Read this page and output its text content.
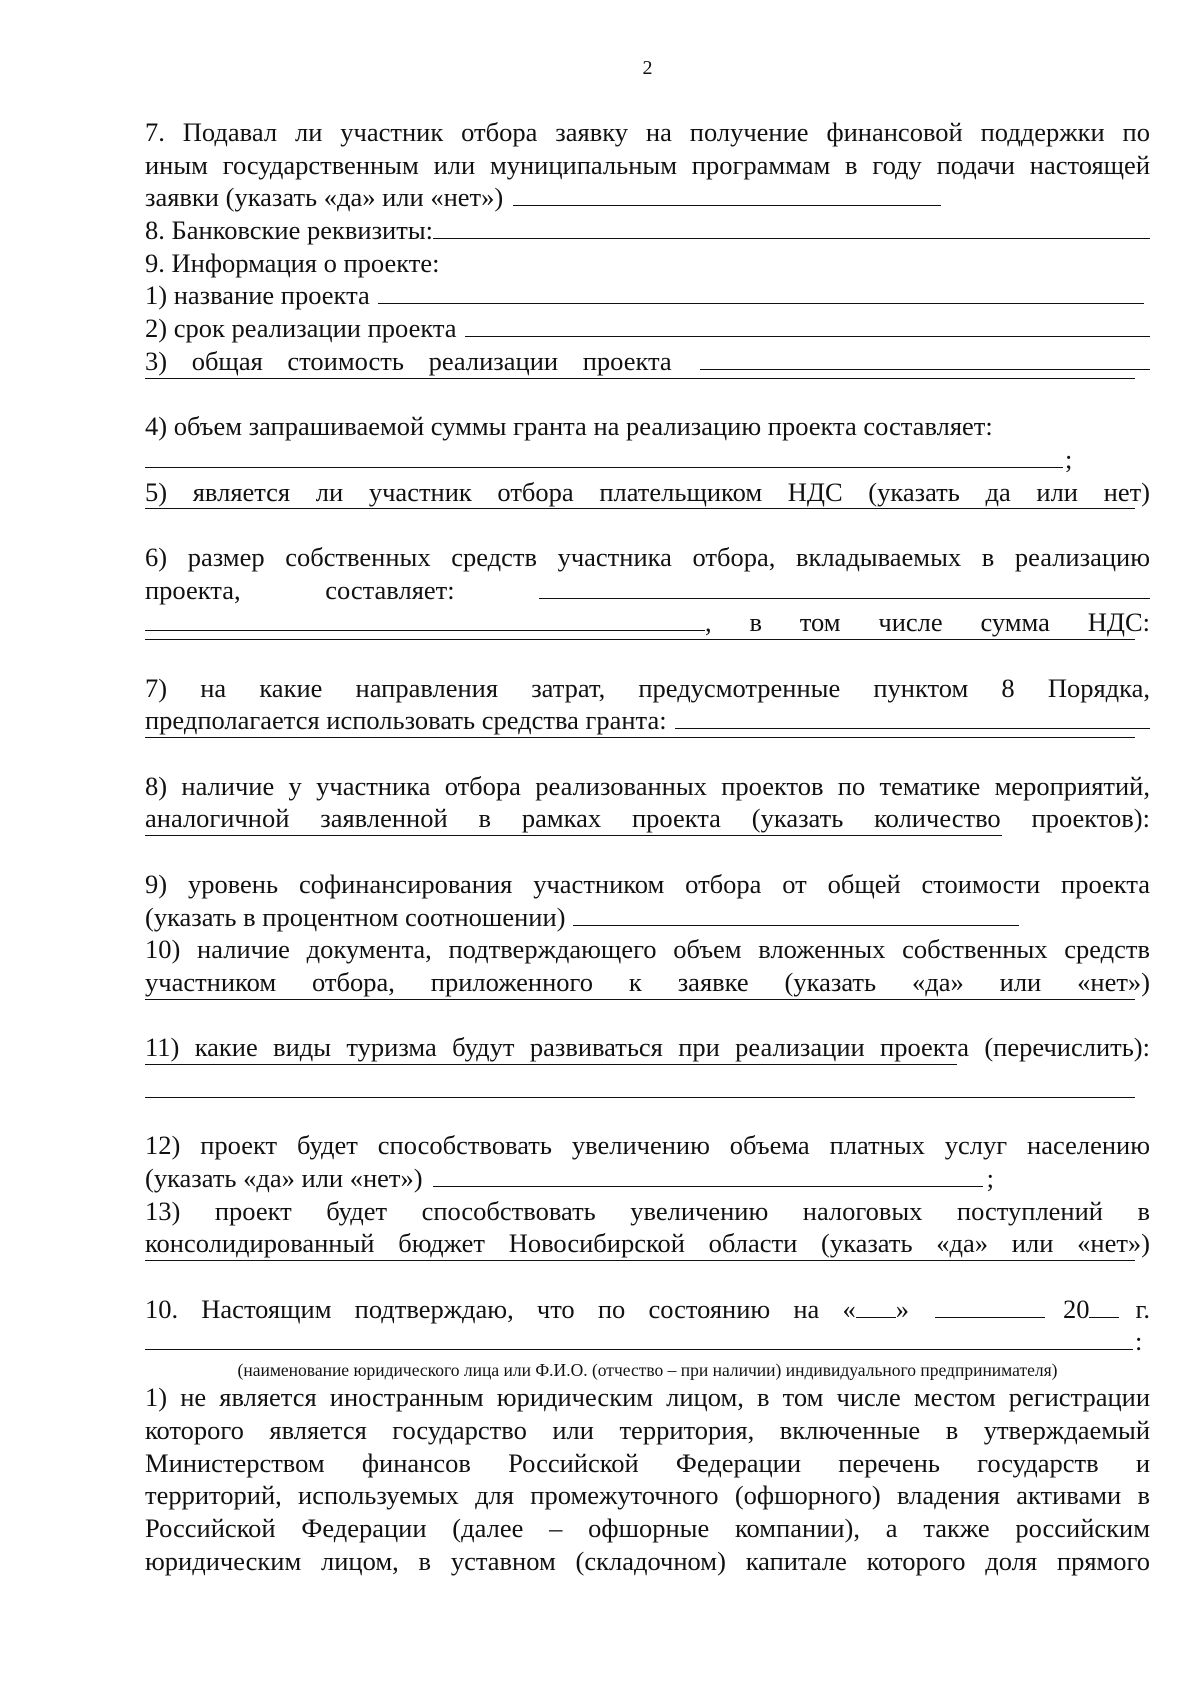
2
7. Подавал ли участник отбора заявку на получение финансовой поддержки по
иным государственным или муниципальным программам в году подачи настоящей
заявки (указать «да» или «нет»)
8. Банковские реквизиты:
9. Информация о проекте:
1) название проекта
2) срок реализации проекта
3) общая стоимость реализации проекта
4) объем запрашиваемой суммы гранта на реализацию проекта составляет:
;
5) является ли участник отбора плательщиком НДС (указать да или нет)
6) размер собственных средств участника отбора, вкладываемых в реализацию
проекта, составляет:
, в том числе сумма НДС:
7) на какие направления затрат, предусмотренные пунктом 8 Порядка,
предполагается использовать средства гранта:
8) наличие у участника отбора реализованных проектов по тематике мероприятий,
аналогичной заявленной в рамках проекта (указать количество проектов):
9) уровень софинансирования участником отбора от общей стоимости проекта
(указать в процентном соотношении)
10) наличие документа, подтверждающего объем вложенных собственных средств
участником отбора, приложенного к заявке (указать «да» или «нет»)
11) какие виды туризма будут развиваться при реализации проекта (перечислить):
12) проект будет способствовать увеличению объема платных услуг населению
(указать «да» или «нет»)	;
13) проект будет способствовать увеличению налоговых поступлений в
консолидированный бюджет Новосибирской области (указать «да» или «нет»)
10. Настоящим подтверждаю, что по состоянию на « »	20 г.
:
(наименование юридического лица или Ф.И.О. (отчество – при наличии) индивидуального предпринимателя)
1) не является иностранным юридическим лицом, в том числе местом регистрации
которого является государство или территория, включенные в утверждаемый
Министерством финансов Российской Федерации перечень государств и
территорий, используемых для промежуточного (офшорного) владения активами в
Российской Федерации (далее – офшорные компании), а также российским
юридическим лицом, в уставном (складочном) капитале которого доля прямого
